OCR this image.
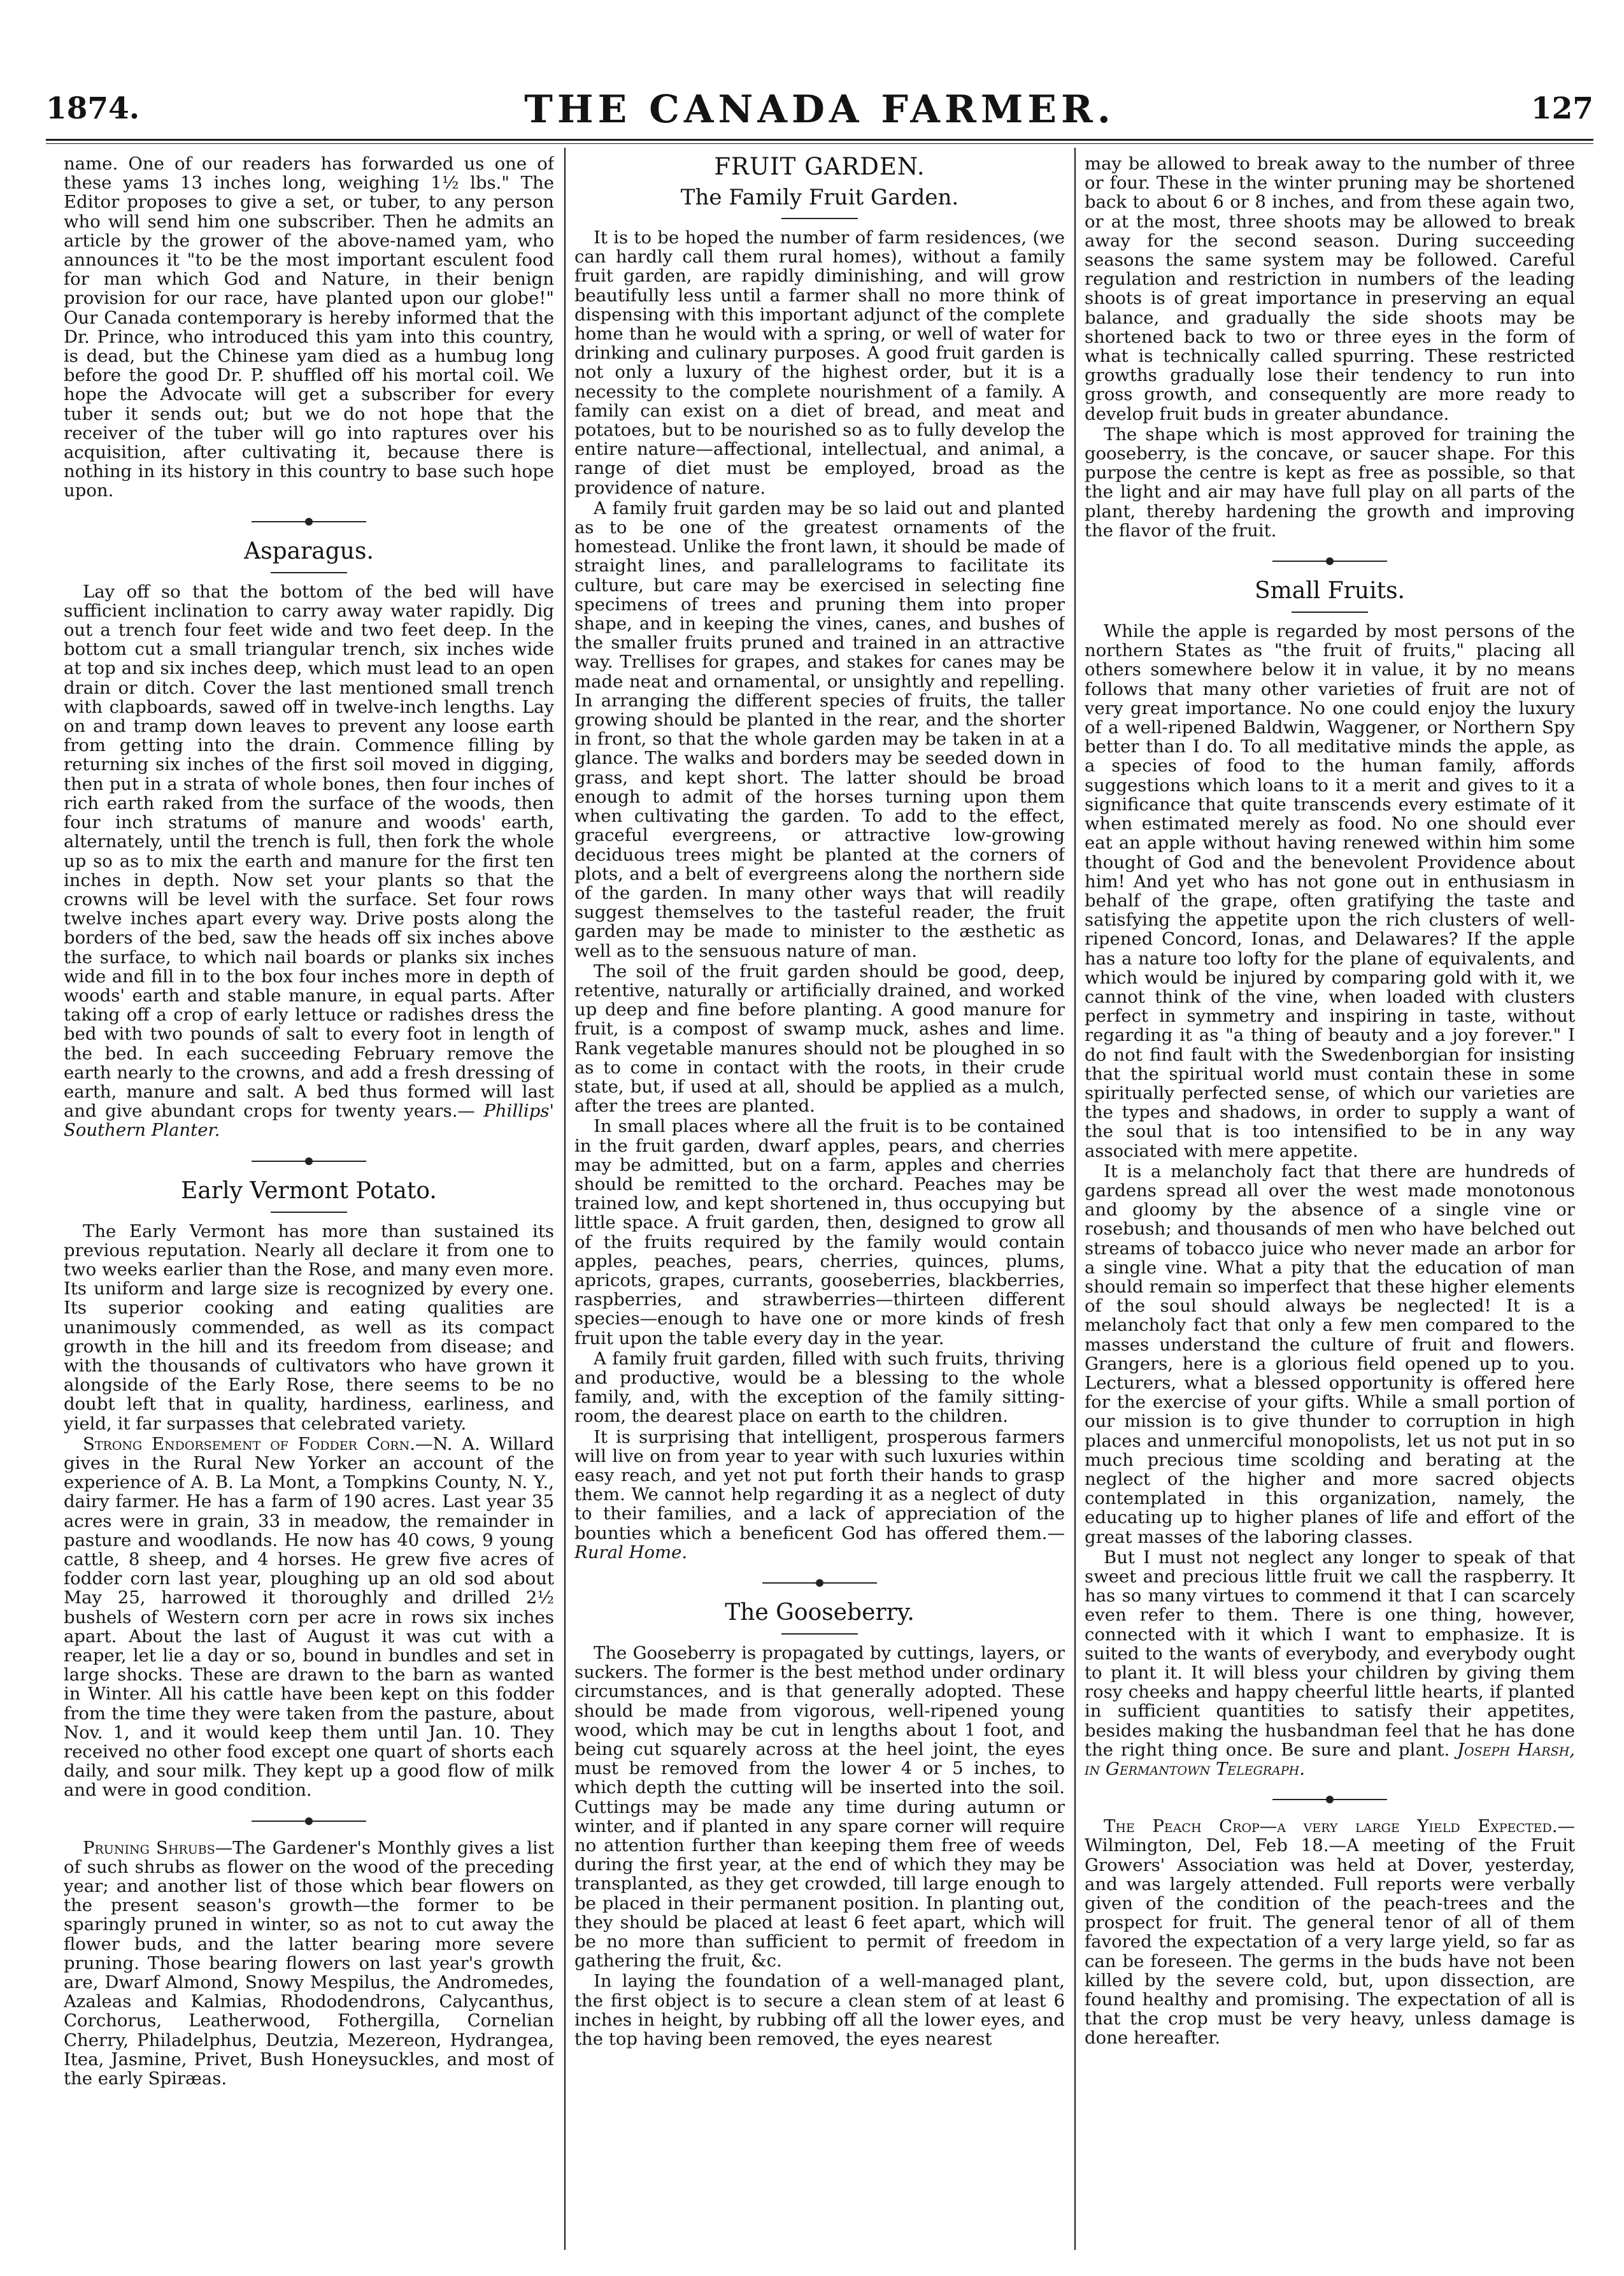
1874.	THE CANADA FARMER.	127

name. One of our readers has forwarded us one of these yams 13 inches long, weighing 1½ lbs." The Editor proposes to give a set, or tuber, to any person who will send him one subscriber. Then he admits an article by the grower of the above-named yam, who announces it "to be the most important esculent food for man which God and Nature, in their benign provision for our race, have planted upon our globe!" Our Canada contemporary is hereby informed that the Dr. Prince, who introduced this yam into this country, is dead, but the Chinese yam died as a humbug long before the good Dr. P. shuffled off his mortal coil. We hope the Advocate will get a subscriber for every tuber it sends out; but we do not hope that the receiver of the tuber will go into raptures over his acquisition, after cultivating it, because there is nothing in its history in this country to base such hope upon.

Asparagus.

Lay off so that the bottom of the bed will have sufficient inclination to carry away water rapidly. Dig out a trench four feet wide and two feet deep. In the bottom cut a small triangular trench, six inches wide at top and six inches deep, which must lead to an open drain or ditch. Cover the last mentioned small trench with clapboards, sawed off in twelve-inch lengths. Lay on and tramp down leaves to prevent any loose earth from getting into the drain. Commence filling by returning six inches of the first soil moved in digging, then put in a strata of whole bones, then four inches of rich earth raked from the surface of the woods, then four inch stratums of manure and woods' earth, alternately, until the trench is full, then fork the whole up so as to mix the earth and manure for the first ten inches in depth. Now set your plants so that the crowns will be level with the surface. Set four rows twelve inches apart every way. Drive posts along the borders of the bed, saw the heads off six inches above the surface, to which nail boards or planks six inches wide and fill in to the box four inches more in depth of woods' earth and stable manure, in equal parts. After taking off a crop of early lettuce or radishes dress the bed with two pounds of salt to every foot in length of the bed. In each succeeding February remove the earth nearly to the crowns, and add a fresh dressing of earth, manure and salt. A bed thus formed will last and give abundant crops for twenty years.— Phillips' Southern Planter.

Early Vermont Potato.

The Early Vermont has more than sustained its previous reputation. Nearly all declare it from one to two weeks earlier than the Rose, and many even more. Its uniform and large size is recognized by every one. Its superior cooking and eating qualities are unanimously commended, as well as its compact growth in the hill and its freedom from disease; and with the thousands of cultivators who have grown it alongside of the Early Rose, there seems to be no doubt left that in quality, hardiness, earliness, and yield, it far surpasses that celebrated variety.

Strong Endorsement of Fodder Corn.—N. A. Willard gives in the Rural New Yorker an account of the experience of A. B. La Mont, a Tompkins County, N. Y., dairy farmer. He has a farm of 190 acres. Last year 35 acres were in grain, 33 in meadow, the remainder in pasture and woodlands. He now has 40 cows, 9 young cattle, 8 sheep, and 4 horses. He grew five acres of fodder corn last year, ploughing up an old sod about May 25, harrowed it thoroughly and drilled 2½ bushels of Western corn per acre in rows six inches apart. About the last of August it was cut with a reaper, let lie a day or so, bound in bundles and set in large shocks. These are drawn to the barn as wanted in Winter. All his cattle have been kept on this fodder from the time they were taken from the pasture, about Nov. 1, and it would keep them until Jan. 10. They received no other food except one quart of shorts each daily, and sour milk. They kept up a good flow of milk and were in good condition.

Pruning Shrubs—The Gardener's Monthly gives a list of such shrubs as flower on the wood of the preceding year; and another list of those which bear flowers on the present season's growth—the former to be sparingly pruned in winter, so as not to cut away the flower buds, and the latter bearing more severe pruning. Those bearing flowers on last year's growth are, Dwarf Almond, Snowy Mespilus, the Andromedes, Azaleas and Kalmias, Rhododendrons, Calycanthus, Corchorus, Leatherwood, Fothergilla, Cornelian Cherry, Philadelphus, Deutzia, Mezereon, Hydrangea, Itea, Jasmine, Privet, Bush Honeysuckles, and most of the early Spiræas.

FRUIT GARDEN.
The Family Fruit Garden.

It is to be hoped the number of farm residences, (we can hardly call them rural homes), without a family fruit garden, are rapidly diminishing, and will grow beautifully less until a farmer shall no more think of dispensing with this important adjunct of the complete home than he would with a spring, or well of water for drinking and culinary purposes. A good fruit garden is not only a luxury of the highest order, but it is a necessity to the complete nourishment of a family. A family can exist on a diet of bread, and meat and potatoes, but to be nourished so as to fully develop the entire nature—affectional, intellectual, and animal, a range of diet must be employed, broad as the providence of nature.

A family fruit garden may be so laid out and planted as to be one of the greatest ornaments of the homestead. Unlike the front lawn, it should be made of straight lines, and parallelograms to facilitate its culture, but care may be exercised in selecting fine specimens of trees and pruning them into proper shape, and in keeping the vines, canes, and bushes of the smaller fruits pruned and trained in an attractive way. Trellises for grapes, and stakes for canes may be made neat and ornamental, or unsightly and repelling. In arranging the different species of fruits, the taller growing should be planted in the rear, and the shorter in front, so that the whole garden may be taken in at a glance. The walks and borders may be seeded down in grass, and kept short. The latter should be broad enough to admit of the horses turning upon them when cultivating the garden. To add to the effect, graceful evergreens, or attractive low-growing deciduous trees might be planted at the corners of plots, and a belt of evergreens along the northern side of the garden. In many other ways that will readily suggest themselves to the tasteful reader, the fruit garden may be made to minister to the æsthetic as well as to the sensuous nature of man.

The soil of the fruit garden should be good, deep, retentive, naturally or artificially drained, and worked up deep and fine before planting. A good manure for fruit, is a compost of swamp muck, ashes and lime. Rank vegetable manures should not be ploughed in so as to come in contact with the roots, in their crude state, but, if used at all, should be applied as a mulch, after the trees are planted.

In small places where all the fruit is to be contained in the fruit garden, dwarf apples, pears, and cherries may be admitted, but on a farm, apples and cherries should be remitted to the orchard. Peaches may be trained low, and kept shortened in, thus occupying but little space. A fruit garden, then, designed to grow all of the fruits required by the family would contain apples, peaches, pears, cherries, quinces, plums, apricots, grapes, currants, gooseberries, blackberries, raspberries, and strawberries—thirteen different species—enough to have one or more kinds of fresh fruit upon the table every day in the year.

A family fruit garden, filled with such fruits, thriving and productive, would be a blessing to the whole family, and, with the exception of the family sitting-room, the dearest place on earth to the children.

It is surprising that intelligent, prosperous farmers will live on from year to year with such luxuries within easy reach, and yet not put forth their hands to grasp them. We cannot help regarding it as a neglect of duty to their families, and a lack of appreciation of the bounties which a beneficent God has offered them.—Rural Home.

The Gooseberry.

The Gooseberry is propagated by cuttings, layers, or suckers. The former is the best method under ordinary circumstances, and is that generally adopted. These should be made from vigorous, well-ripened young wood, which may be cut in lengths about 1 foot, and being cut squarely across at the heel joint, the eyes must be removed from the lower 4 or 5 inches, to which depth the cutting will be inserted into the soil. Cuttings may be made any time during autumn or winter, and if planted in any spare corner will require no attention further than keeping them free of weeds during the first year, at the end of which they may be transplanted, as they get crowded, till large enough to be placed in their permanent position. In planting out, they should be placed at least 6 feet apart, which will be no more than sufficient to permit of freedom in gathering the fruit, &c.

In laying the foundation of a well-managed plant, the first object is to secure a clean stem of at least 6 inches in height, by rubbing off all the lower eyes, and the top having been removed, the eyes nearest

may be allowed to break away to the number of three or four. These in the winter pruning may be shortened back to about 6 or 8 inches, and from these again two, or at the most, three shoots may be allowed to break away for the second season. During succeeding seasons the same system may be followed. Careful regulation and restriction in numbers of the leading shoots is of great importance in preserving an equal balance, and gradually the side shoots may be shortened back to two or three eyes in the form of what is technically called spurring. These restricted growths gradually lose their tendency to run into gross growth, and consequently are more ready to develop fruit buds in greater abundance.

The shape which is most approved for training the gooseberry, is the concave, or saucer shape. For this purpose the centre is kept as free as possible, so that the light and air may have full play on all parts of the plant, thereby hardening the growth and improving the flavor of the fruit.

Small Fruits.

While the apple is regarded by most persons of the northern States as "the fruit of fruits," placing all others somewhere below it in value, it by no means follows that many other varieties of fruit are not of very great importance. No one could enjoy the luxury of a well-ripened Baldwin, Waggener, or Northern Spy better than I do. To all meditative minds the apple, as a species of food to the human family, affords suggestions which loans to it a merit and gives to it a significance that quite transcends every estimate of it when estimated merely as food. No one should ever eat an apple without having renewed within him some thought of God and the benevolent Providence about him! And yet who has not gone out in enthusiasm in behalf of the grape, often gratifying the taste and satisfying the appetite upon the rich clusters of well-ripened Concord, Ionas, and Delawares? If the apple has a nature too lofty for the plane of equivalents, and which would be injured by comparing gold with it, we cannot think of the vine, when loaded with clusters perfect in symmetry and inspiring in taste, without regarding it as "a thing of beauty and a joy forever." I do not find fault with the Swedenborgian for insisting that the spiritual world must contain these in some spiritually perfected sense, of which our varieties are the types and shadows, in order to supply a want of the soul that is too intensified to be in any way associated with mere appetite.

It is a melancholy fact that there are hundreds of gardens spread all over the west made monotonous and gloomy by the absence of a single vine or rosebush; and thousands of men who have belched out streams of tobacco juice who never made an arbor for a single vine. What a pity that the education of man should remain so imperfect that these higher elements of the soul should always be neglected! It is a melancholy fact that only a few men compared to the masses understand the culture of fruit and flowers. Grangers, here is a glorious field opened up to you. Lecturers, what a blessed opportunity is offered here for the exercise of your gifts. While a small portion of our mission is to give thunder to corruption in high places and unmerciful monopolists, let us not put in so much precious time scolding and berating at the neglect of the higher and more sacred objects contemplated in this organization, namely, the educating up to higher planes of life and effort of the great masses of the laboring classes.

But I must not neglect any longer to speak of that sweet and precious little fruit we call the raspberry. It has so many virtues to commend it that I can scarcely even refer to them. There is one thing, however, connected with it which I want to emphasize. It is suited to the wants of everybody, and everybody ought to plant it. It will bless your children by giving them rosy cheeks and happy cheerful little hearts, if planted in sufficient quantities to satisfy their appetites, besides making the husbandman feel that he has done the right thing once. Be sure and plant. Joseph Harsh, in Germantown Telegraph.

The Peach Crop—a very large Yield Expected.—Wilmington, Del, Feb 18.—A meeting of the Fruit Growers' Association was held at Dover, yesterday, and was largely attended. Full reports were verbally given of the condition of the peach-trees and the prospect for fruit. The general tenor of all of them favored the expectation of a very large yield, so far as can be foreseen. The germs in the buds have not been killed by the severe cold, but, upon dissection, are found healthy and promising. The expectation of all is that the crop must be very heavy, unless damage is done hereafter.
